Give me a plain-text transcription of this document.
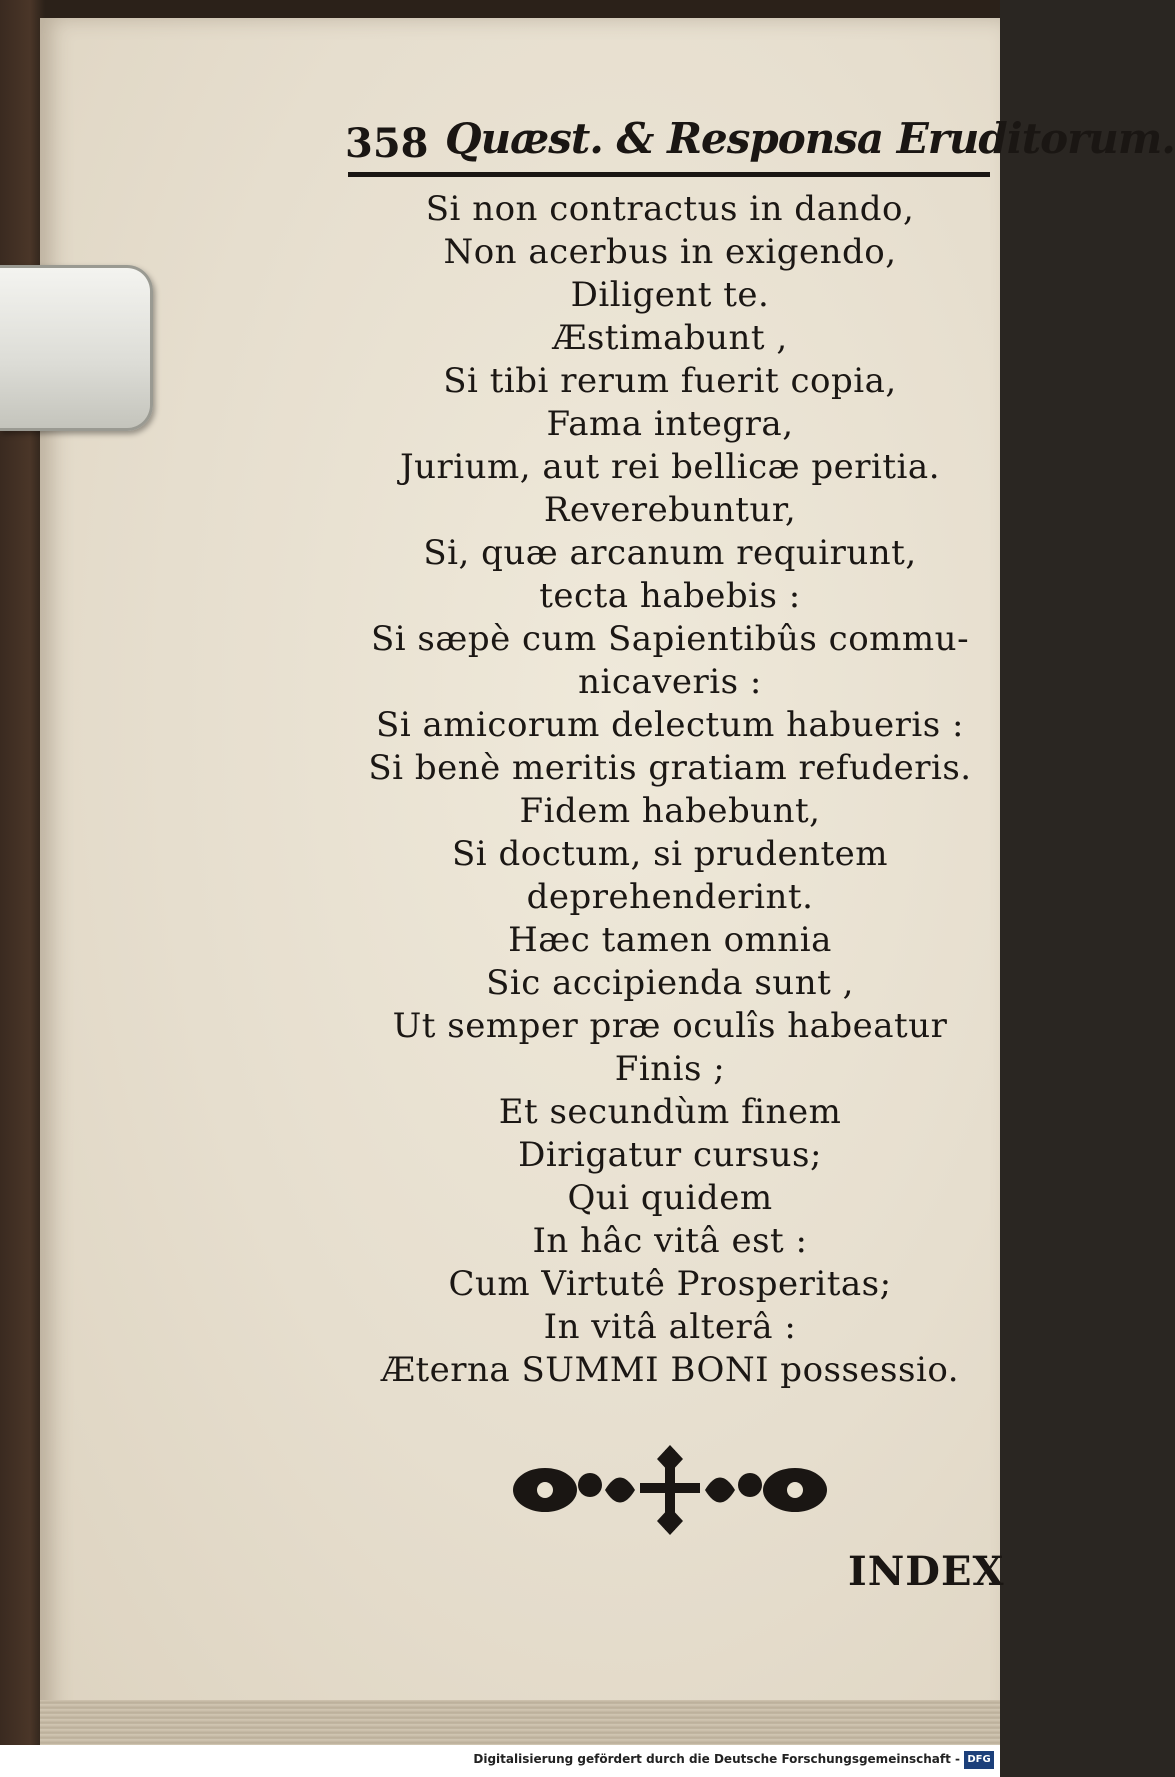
358 Quæst. & Responsa Eruditorum.
Si non contractus in dando,
Non acerbus in exigendo,
Diligent te.
Æstimabunt ,
Si tibi rerum fuerit copia,
Fama integra,
Jurium, aut rei bellicæ peritia.
Reverebuntur,
Si, quæ arcanum requirunt,
tecta habebis :
Si sæpè cum Sapientibûs commu-
nicaveris :
Si amicorum delectum habueris :
Si benè meritis gratiam refuderis.
Fidem habebunt,
Si doctum, si prudentem
deprehenderint.
Hæc tamen omnia
Sic accipienda sunt ,
Ut semper præ oculîs habeatur
Finis ;
Et secundùm finem
Dirigatur cursus;
Qui quidem
In hâc vitâ est :
Cum Virtutê Prosperitas;
In vitâ alterâ :
Æterna SUMMI BONI possessio.
INDEX
Digitalisierung gefördert durch die Deutsche Forschungsgemeinschaft - DFG
